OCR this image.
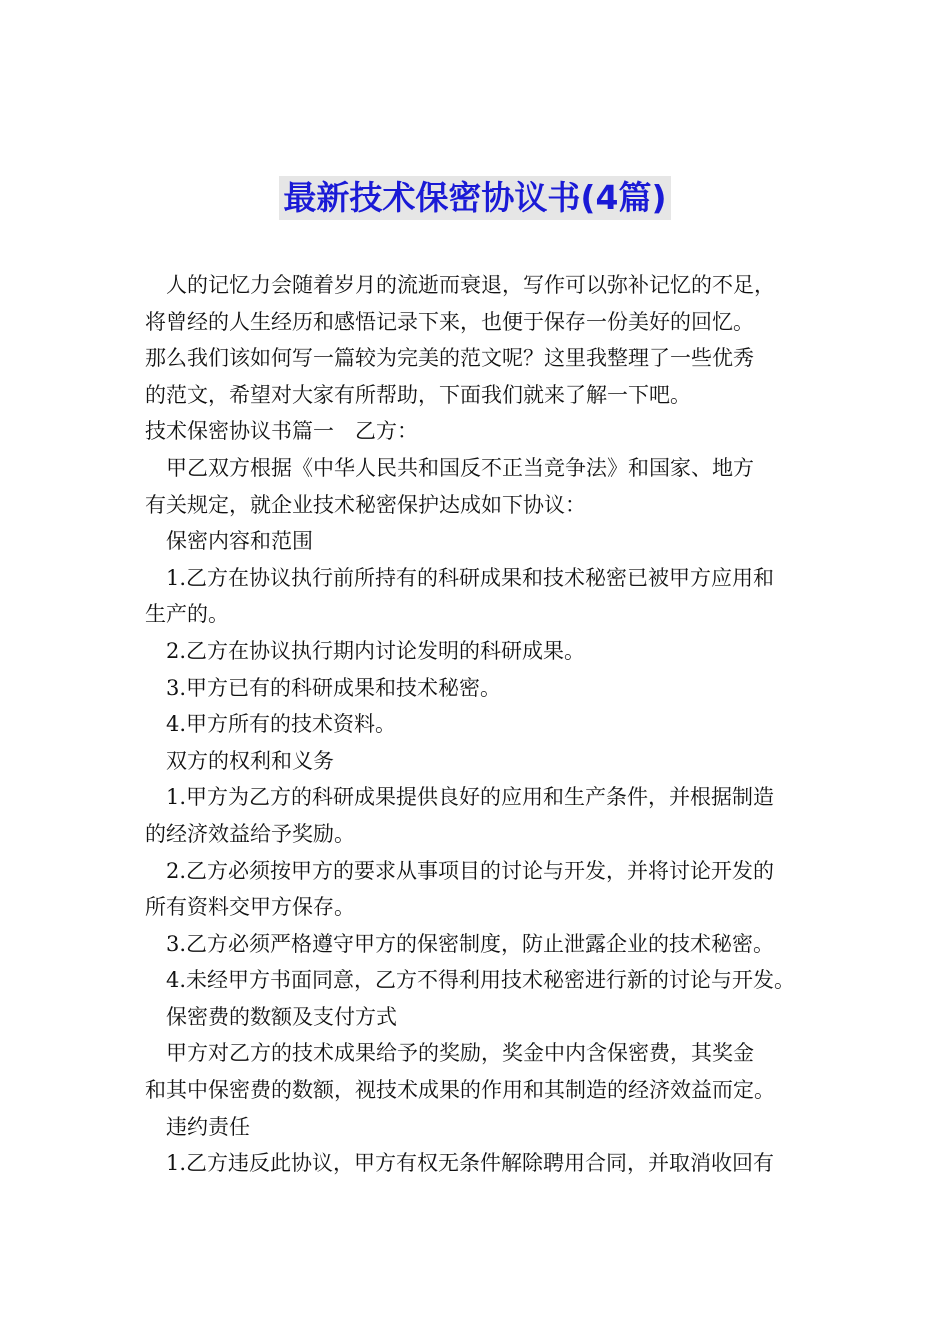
最新技术保密协议书(4篇)

人的记忆力会随着岁月的流逝而衰退，写作可以弥补记忆的不足，

将曾经的人生经历和感悟记录下来，也便于保存一份美好的回忆。

那么我们该如何写一篇较为完美的范文呢？这里我整理了一些优秀

的范文，希望对大家有所帮助，下面我们就来了解一下吧。

技术保密协议书篇一　乙方：

甲乙双方根据《中华人民共和国反不正当竞争法》和国家、地方

有关规定，就企业技术秘密保护达成如下协议：

保密内容和范围

1.乙方在协议执行前所持有的科研成果和技术秘密已被甲方应用和

生产的。

2.乙方在协议执行期内讨论发明的科研成果。

3.甲方已有的科研成果和技术秘密。

4.甲方所有的技术资料。

双方的权利和义务

1.甲方为乙方的科研成果提供良好的应用和生产条件，并根据制造

的经济效益给予奖励。

2.乙方必须按甲方的要求从事项目的讨论与开发，并将讨论开发的

所有资料交甲方保存。

3.乙方必须严格遵守甲方的保密制度，防止泄露企业的技术秘密。

4.未经甲方书面同意，乙方不得利用技术秘密进行新的讨论与开发。

保密费的数额及支付方式

甲方对乙方的技术成果给予的奖励，奖金中内含保密费，其奖金

和其中保密费的数额，视技术成果的作用和其制造的经济效益而定。

违约责任

1.乙方违反此协议，甲方有权无条件解除聘用合同，并取消收回有
